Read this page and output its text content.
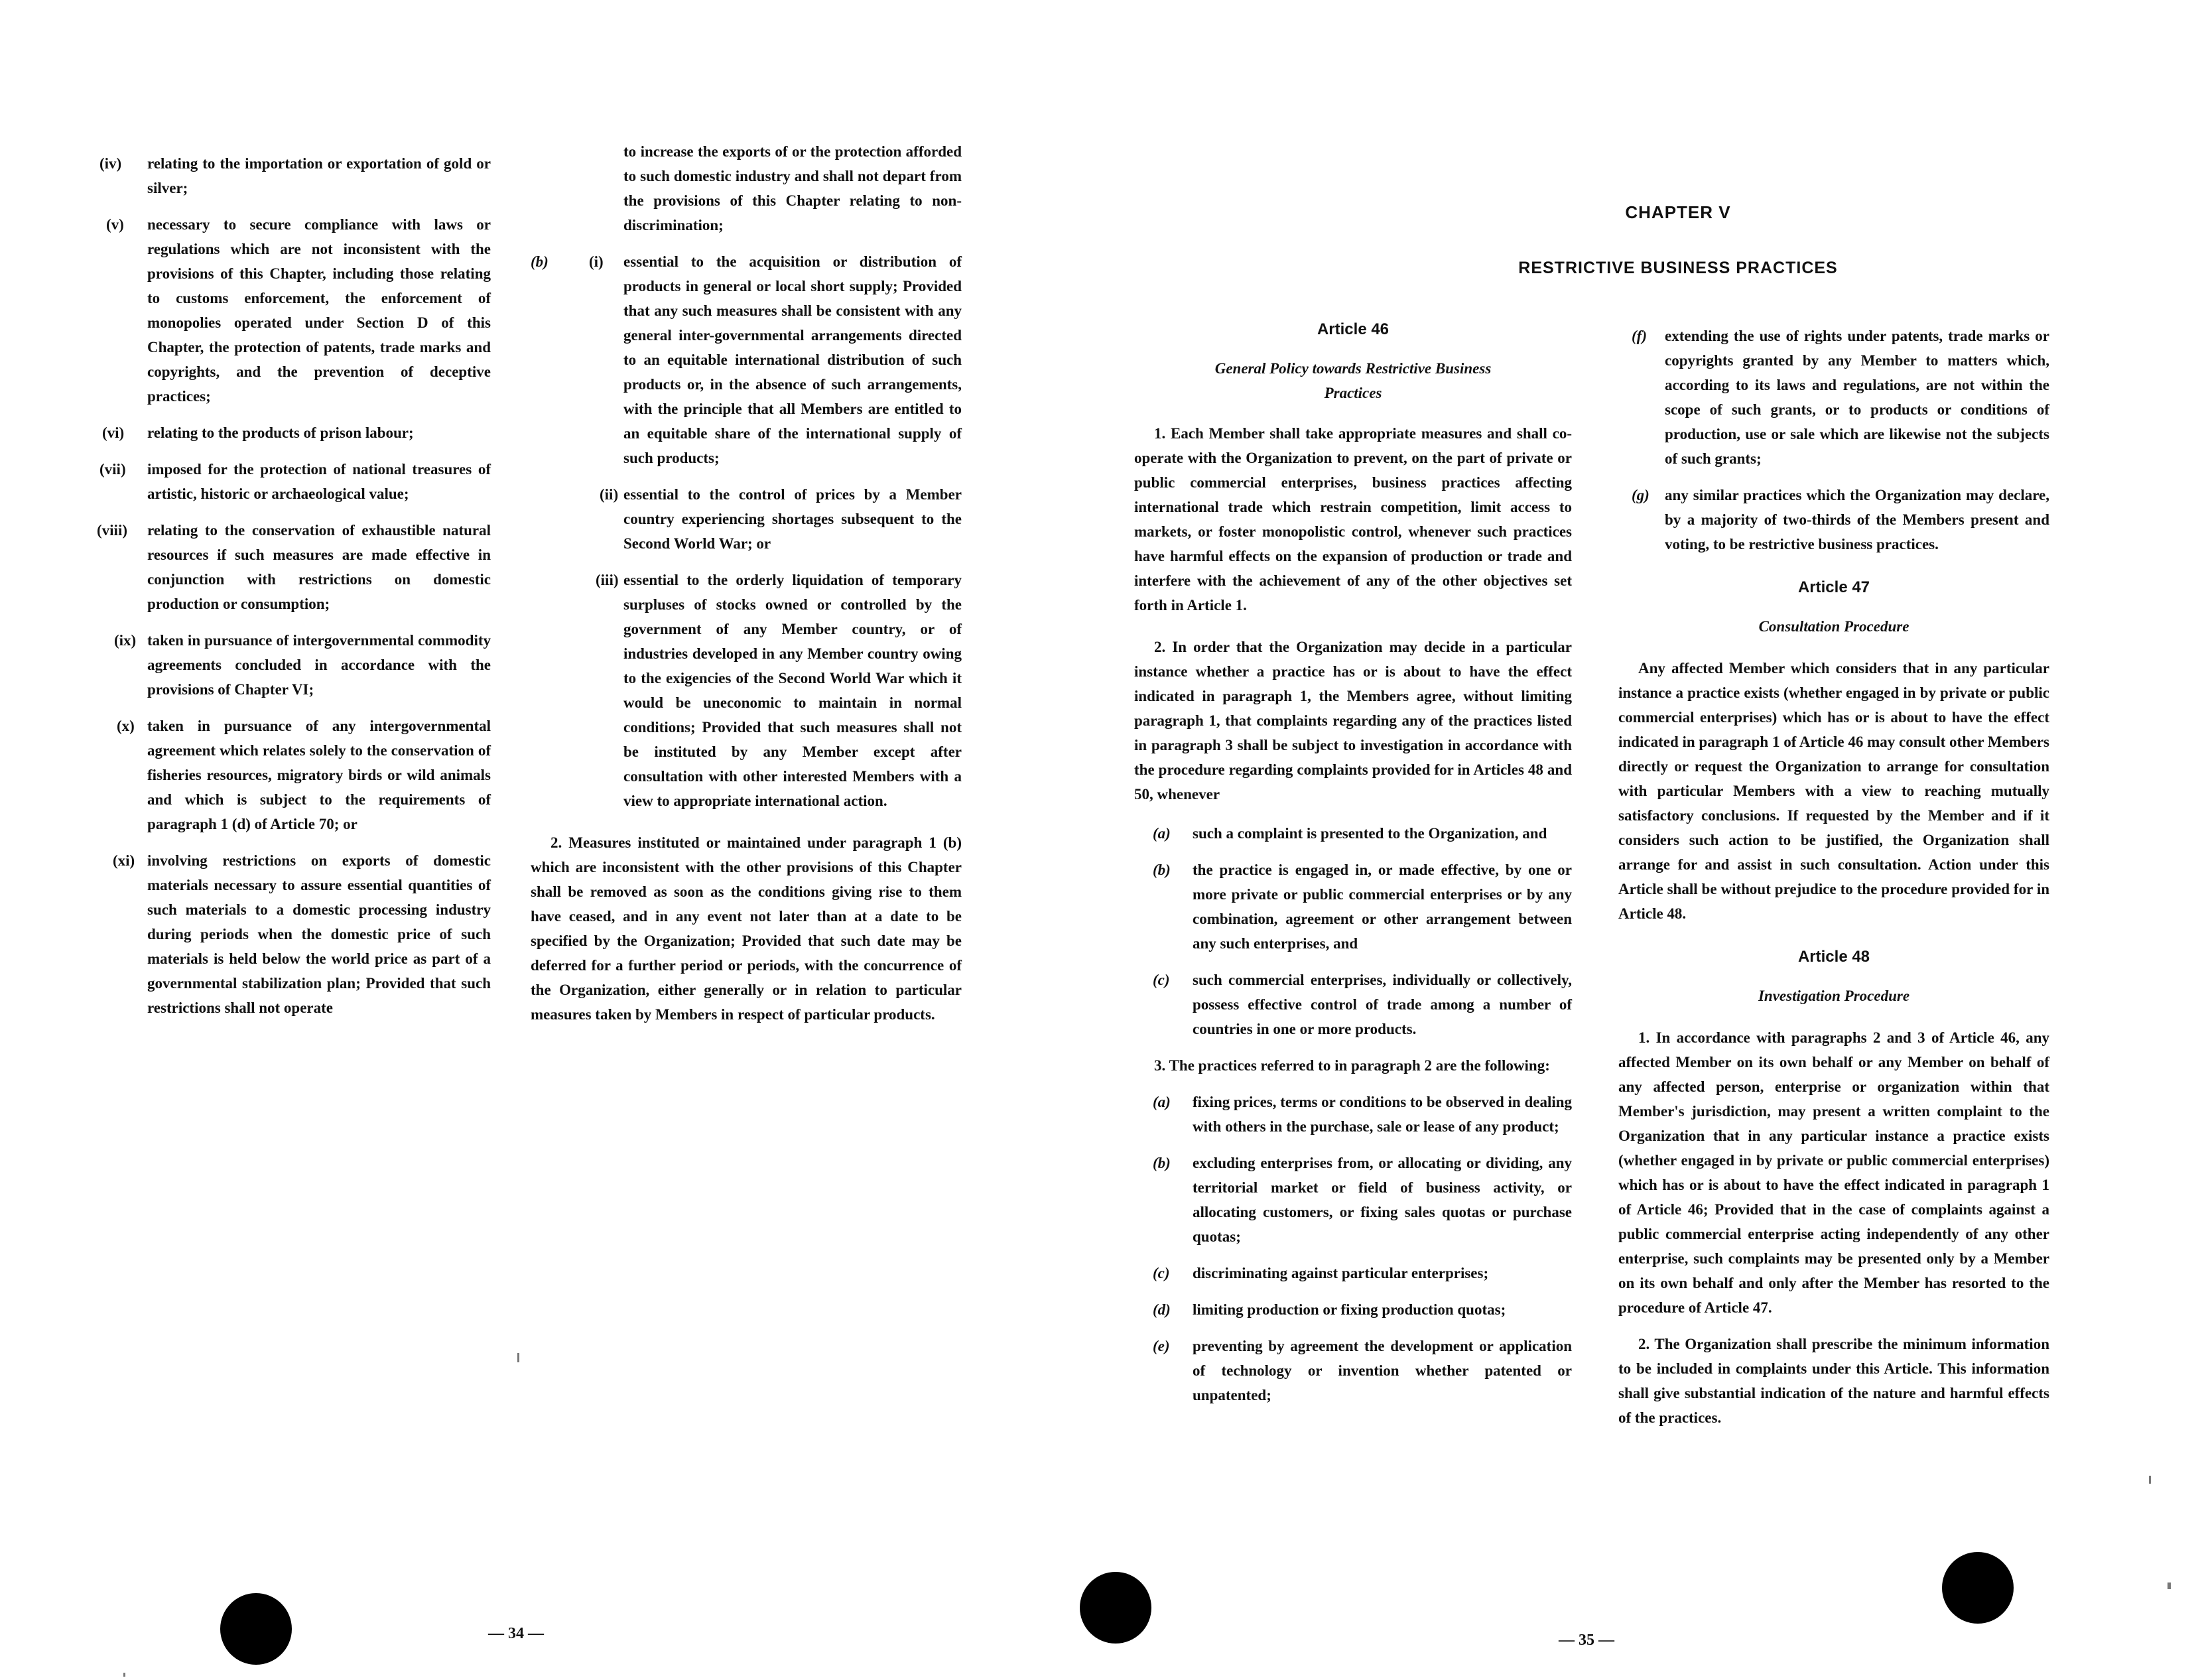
(iv) relating to the importation or exportation of gold or silver;
(v) necessary to secure compliance with laws or regulations which are not inconsistent with the provisions of this Chapter, including those relating to customs enforcement, the enforcement of monopolies operated under Section D of this Chapter, the protection of patents, trade marks and copyrights, and the prevention of deceptive practices;
(vi) relating to the products of prison labour;
(vii) imposed for the protection of national treasures of artistic, historic or archaeological value;
(viii) relating to the conservation of exhaustible natural resources if such measures are made effective in conjunction with restrictions on domestic production or consumption;
(ix) taken in pursuance of intergovernmental commodity agreements concluded in accordance with the provisions of Chapter VI;
(x) taken in pursuance of any intergovernmental agreement which relates solely to the conservation of fisheries resources, migratory birds or wild animals and which is subject to the requirements of paragraph 1 (d) of Article 70; or
(xi) involving restrictions on exports of domestic materials necessary to assure essential quantities of such materials to a domestic processing industry during periods when the domestic price of such materials is held below the world price as part of a governmental stabilization plan; Provided that such restrictions shall not operate
to increase the exports of or the protection afforded to such domestic industry and shall not depart from the provisions of this Chapter relating to non-discrimination;
(b)	(i) essential to the acquisition or distribution of products in general or local short supply; Provided that any such measures shall be consistent with any general inter-governmental arrangements directed to an equitable international distribution of such products or, in the absence of such arrangements, with the principle that all Members are entitled to an equitable share of the international supply of such products;
(ii) essential to the control of prices by a Member country experiencing shortages subsequent to the Second World War; or
(iii) essential to the orderly liquidation of temporary surpluses of stocks owned or controlled by the government of any Member country, or of industries developed in any Member country owing to the exigencies of the Second World War which it would be uneconomic to maintain in normal conditions; Provided that such measures shall not be instituted by any Member except after consultation with other interested Members with a view to appropriate international action.
2. Measures instituted or maintained under paragraph 1 (b) which are inconsistent with the other provisions of this Chapter shall be removed as soon as the conditions giving rise to them have ceased, and in any event not later than at a date to be specified by the Organization; Provided that such date may be deferred for a further period or periods, with the concurrence of the Organization, either generally or in relation to particular measures taken by Members in respect of particular products.
— 34 —
CHAPTER V
RESTRICTIVE BUSINESS PRACTICES
Article 46
General Policy towards Restrictive Business Practices
1. Each Member shall take appropriate measures and shall co-operate with the Organization to prevent, on the part of private or public commercial enterprises, business practices affecting international trade which restrain competition, limit access to markets, or foster monopolistic control, whenever such practices have harmful effects on the expansion of production or trade and interfere with the achievement of any of the other objectives set forth in Article 1.
2. In order that the Organization may decide in a particular instance whether a practice has or is about to have the effect indicated in paragraph 1, the Members agree, without limiting paragraph 1, that complaints regarding any of the practices listed in paragraph 3 shall be subject to investigation in accordance with the procedure regarding complaints provided for in Articles 48 and 50, whenever
(a) such a complaint is presented to the Organization, and
(b) the practice is engaged in, or made effective, by one or more private or public commercial enterprises or by any combination, agreement or other arrangement between any such enterprises, and
(c) such commercial enterprises, individually or collectively, possess effective control of trade among a number of countries in one or more products.
3. The practices referred to in paragraph 2 are the following:
(a) fixing prices, terms or conditions to be observed in dealing with others in the purchase, sale or lease of any product;
(b) excluding enterprises from, or allocating or dividing, any territorial market or field of business activity, or allocating customers, or fixing sales quotas or purchase quotas;
(c) discriminating against particular enterprises;
(d) limiting production or fixing production quotas;
(e) preventing by agreement the development or application of technology or invention whether patented or unpatented;
(f) extending the use of rights under patents, trade marks or copyrights granted by any Member to matters which, according to its laws and regulations, are not within the scope of such grants, or to products or conditions of production, use or sale which are likewise not the subjects of such grants;
(g) any similar practices which the Organization may declare, by a majority of two-thirds of the Members present and voting, to be restrictive business practices.
Article 47
Consultation Procedure
Any affected Member which considers that in any particular instance a practice exists (whether engaged in by private or public commercial enterprises) which has or is about to have the effect indicated in paragraph 1 of Article 46 may consult other Members directly or request the Organization to arrange for consultation with particular Members with a view to reaching mutually satisfactory conclusions. If requested by the Member and if it considers such action to be justified, the Organization shall arrange for and assist in such consultation. Action under this Article shall be without prejudice to the procedure provided for in Article 48.
Article 48
Investigation Procedure
1. In accordance with paragraphs 2 and 3 of Article 46, any affected Member on its own behalf or any Member on behalf of any affected person, enterprise or organization within that Member's jurisdiction, may present a written complaint to the Organization that in any particular instance a practice exists (whether engaged in by private or public commercial enterprises) which has or is about to have the effect indicated in paragraph 1 of Article 46; Provided that in the case of complaints against a public commercial enterprise acting independently of any other enterprise, such complaints may be presented only by a Member on its own behalf and only after the Member has resorted to the procedure of Article 47.
2. The Organization shall prescribe the minimum information to be included in complaints under this Article. This information shall give substantial indication of the nature and harmful effects of the practices.
— 35 —
